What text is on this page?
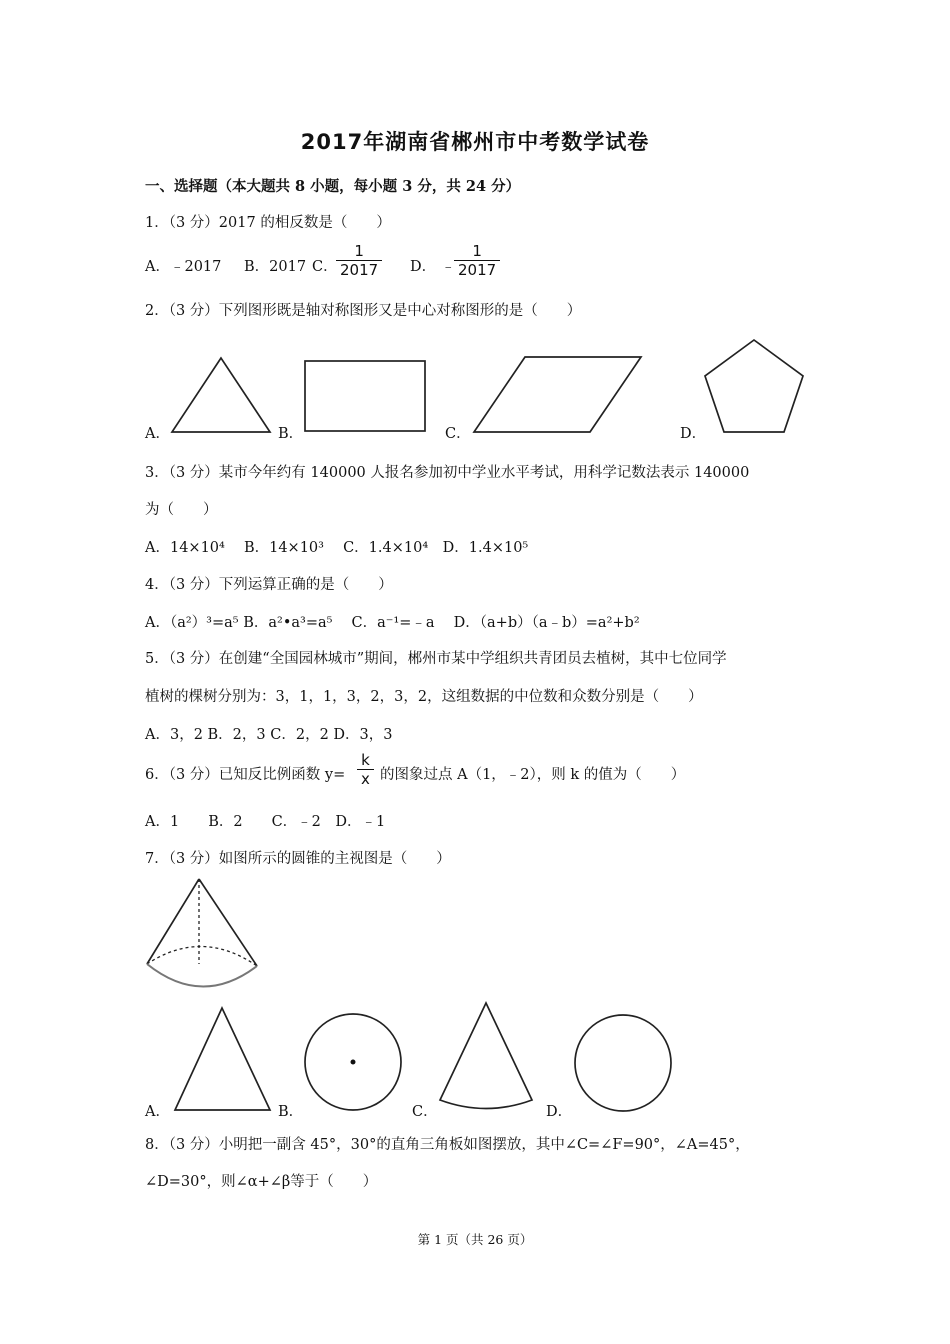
2017年湖南省郴州市中考数学试卷
一、选择题（本大题共 8 小题，每小题 3 分，共 24 分）
1．（3 分）2017 的相反数是（　　）
A．﹣2017 B．2017 C．
$\frac{1}{2017}$ D． ﹣
$\frac{1}{2017}$
2．（3 分）下列图形既是轴对称图形又是中心对称图形的是（　　）
A．	B．	C．	D．
3．（3 分）某市今年约有 140000 人报名参加初中学业水平考试，用科学记数法表示 140000
为（　　）
A．14×10⁴　 B．14×10³　 C．1.4×10⁴　D．1.4×10⁵
4．（3 分）下列运算正确的是（　　）
A．（a²）³=a⁵ B．a²•a³=a⁵　 C．a⁻¹=﹣a　 D．（a+b）（a﹣b）=a²+b²
5．（3 分）在创建“全国园林城市”期间，郴州市某中学组织共青团员去植树，其中七位同学
植树的棵树分别为：3，1，1，3，2，3，2，这组数据的中位数和众数分别是（　　）
A．3，2 B．2，3 C．2，2 D．3，3
6．（3 分）已知反比例函数 $y= \frac{k}{x}$ 的图象过点 A（1，﹣2），则 k 的值为（　　）
A．1　　B．2　　C．﹣2　D．﹣1
7．（3 分）如图所示的圆锥的主视图是（　　）
A．	B．	C．	D．
8．（3 分）小明把一副含 45°，30°的直角三角板如图摆放，其中∠C=∠F=90°，∠A=45°，
∠D=30°，则∠α+∠β等于（　　）
第 1 页（共 26 页）
